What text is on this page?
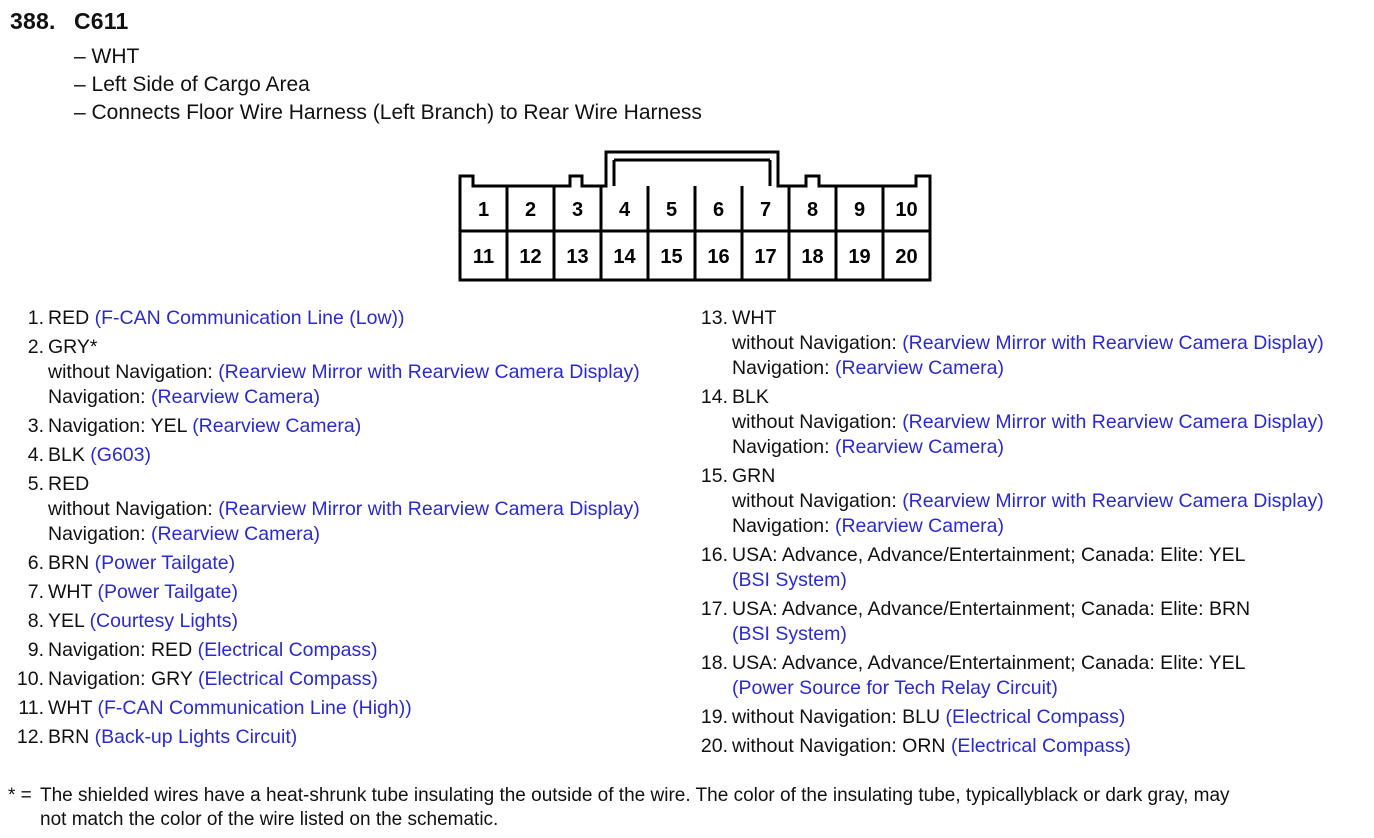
388. C611
– WHT
– Left Side of Cargo Area
– Connects Floor Wire Harness (Left Branch) to Rear Wire Harness
1 2 3 4 5 6 7 8 9 10
11 12 13 14 15 16 17 18 19 20
1. RED (F-CAN Communication Line (Low))
2. GRY*
without Navigation: (Rearview Mirror with Rearview Camera Display)
Navigation: (Rearview Camera)
3. Navigation: YEL (Rearview Camera)
4. BLK (G603)
5. RED
without Navigation: (Rearview Mirror with Rearview Camera Display)
Navigation: (Rearview Camera)
6. BRN (Power Tailgate)
7. WHT (Power Tailgate)
8. YEL (Courtesy Lights)
9. Navigation: RED (Electrical Compass)
10. Navigation: GRY (Electrical Compass)
11. WHT (F-CAN Communication Line (High))
12. BRN (Back-up Lights Circuit)
13. WHT
without Navigation: (Rearview Mirror with Rearview Camera Display)
Navigation: (Rearview Camera)
14. BLK
without Navigation: (Rearview Mirror with Rearview Camera Display)
Navigation: (Rearview Camera)
15. GRN
without Navigation: (Rearview Mirror with Rearview Camera Display)
Navigation: (Rearview Camera)
16. USA: Advance, Advance/Entertainment; Canada: Elite: YEL
(BSI System)
17. USA: Advance, Advance/Entertainment; Canada: Elite: BRN
(BSI System)
18. USA: Advance, Advance/Entertainment; Canada: Elite: YEL
(Power Source for Tech Relay Circuit)
19. without Navigation: BLU (Electrical Compass)
20. without Navigation: ORN (Electrical Compass)
* = The shielded wires have a heat-shrunk tube insulating the outside of the wire. The color of the insulating tube, typicallyblack or dark gray, may
not match the color of the wire listed on the schematic.
